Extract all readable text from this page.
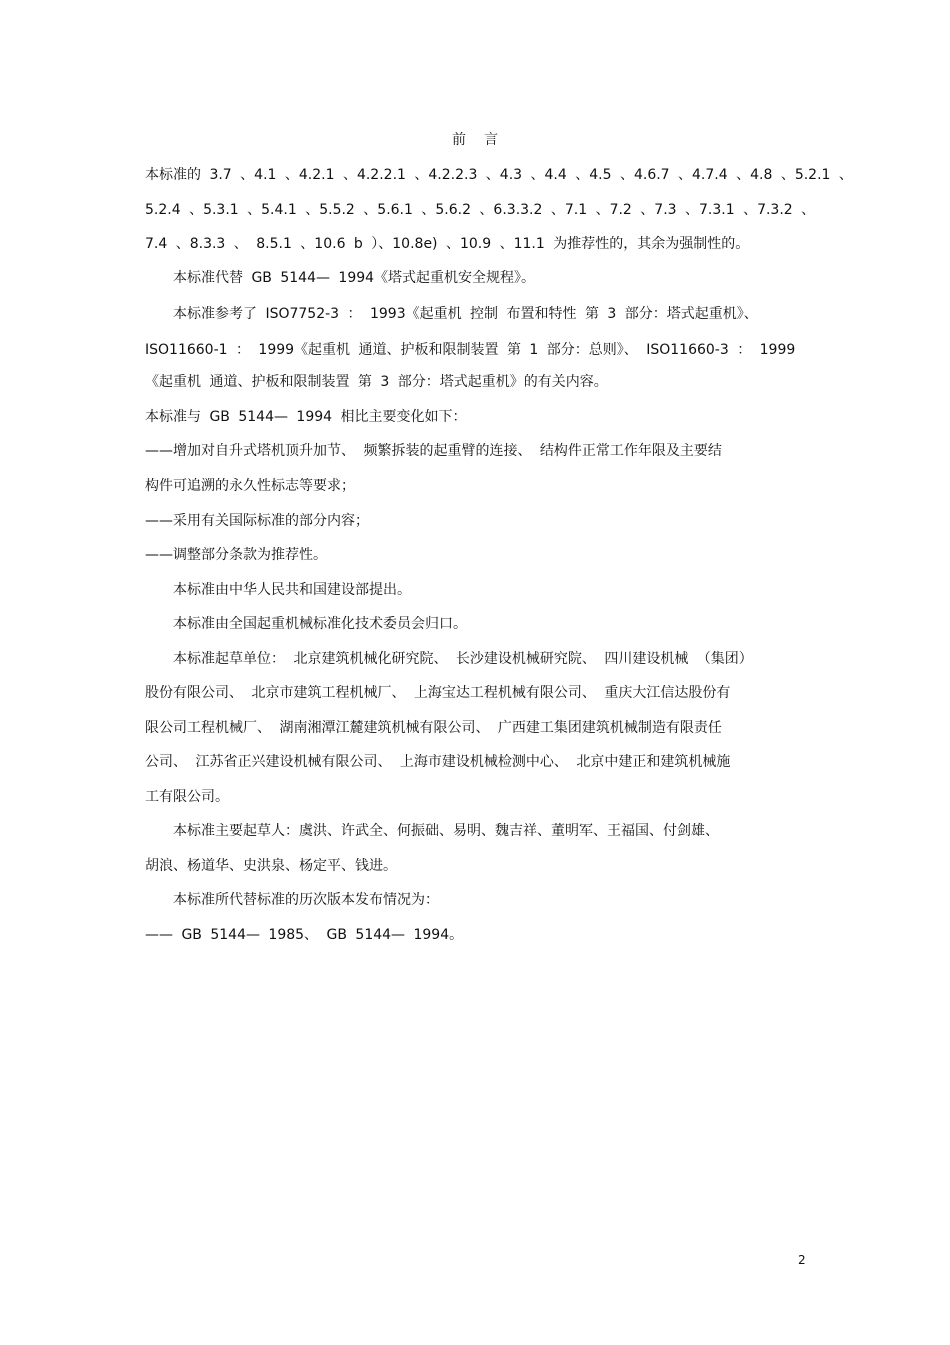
前言
本标准的 3.7 、4.1 、4.2.1 、4.2.2.1 、4.2.2.3 、4.3 、4.4 、4.5 、4.6.7 、4.7.4 、4.8 、5.2.1 、
5.2.4 、5.3.1 、5.4.1 、5.5.2 、5.6.1 、5.6.2 、6.3.3.2 、7.1 、7.2 、7.3 、7.3.1 、7.3.2 、
7.4 、8.3.3 、 8.5.1 、10.6 b ）、10.8e) 、10.9 、11.1 为推荐性的，其余为强制性的。
本标准代替 GB 5144— 1994《塔式起重机安全规程》。
本标准参考了 ISO7752-3 ： 1993《起重机 控制 布置和特性 第 3 部分：塔式起重机》、
ISO11660-1 ： 1999《起重机 通道、护板和限制装置 第 1 部分：总则》、 ISO11660-3 ： 1999
《起重机 通道、护板和限制装置 第 3 部分：塔式起重机》的有关内容。
本标准与 GB 5144— 1994 相比主要变化如下：
——增加对自升式塔机顶升加节、 频繁拆装的起重臂的连接、 结构件正常工作年限及主要结
构件可追溯的永久性标志等要求；
——采用有关国际标准的部分内容；
——调整部分条款为推荐性。
本标准由中华人民共和国建设部提出。
本标准由全国起重机械标准化技术委员会归口。
本标准起草单位： 北京建筑机械化研究院、 长沙建设机械研究院、 四川建设机械 （集团）
股份有限公司、 北京市建筑工程机械厂、 上海宝达工程机械有限公司、 重庆大江信达股份有
限公司工程机械厂、 湖南湘潭江麓建筑机械有限公司、 广西建工集团建筑机械制造有限责任
公司、 江苏省正兴建设机械有限公司、 上海市建设机械检测中心、 北京中建正和建筑机械施
工有限公司。
本标准主要起草人：虞洪、许武全、何振础、易明、魏吉祥、董明军、王福国、付剑雄、
胡浪、杨道华、史洪泉、杨定平、钱进。
本标准所代替标准的历次版本发布情况为：
—— GB 5144— 1985、 GB 5144— 1994。
2
